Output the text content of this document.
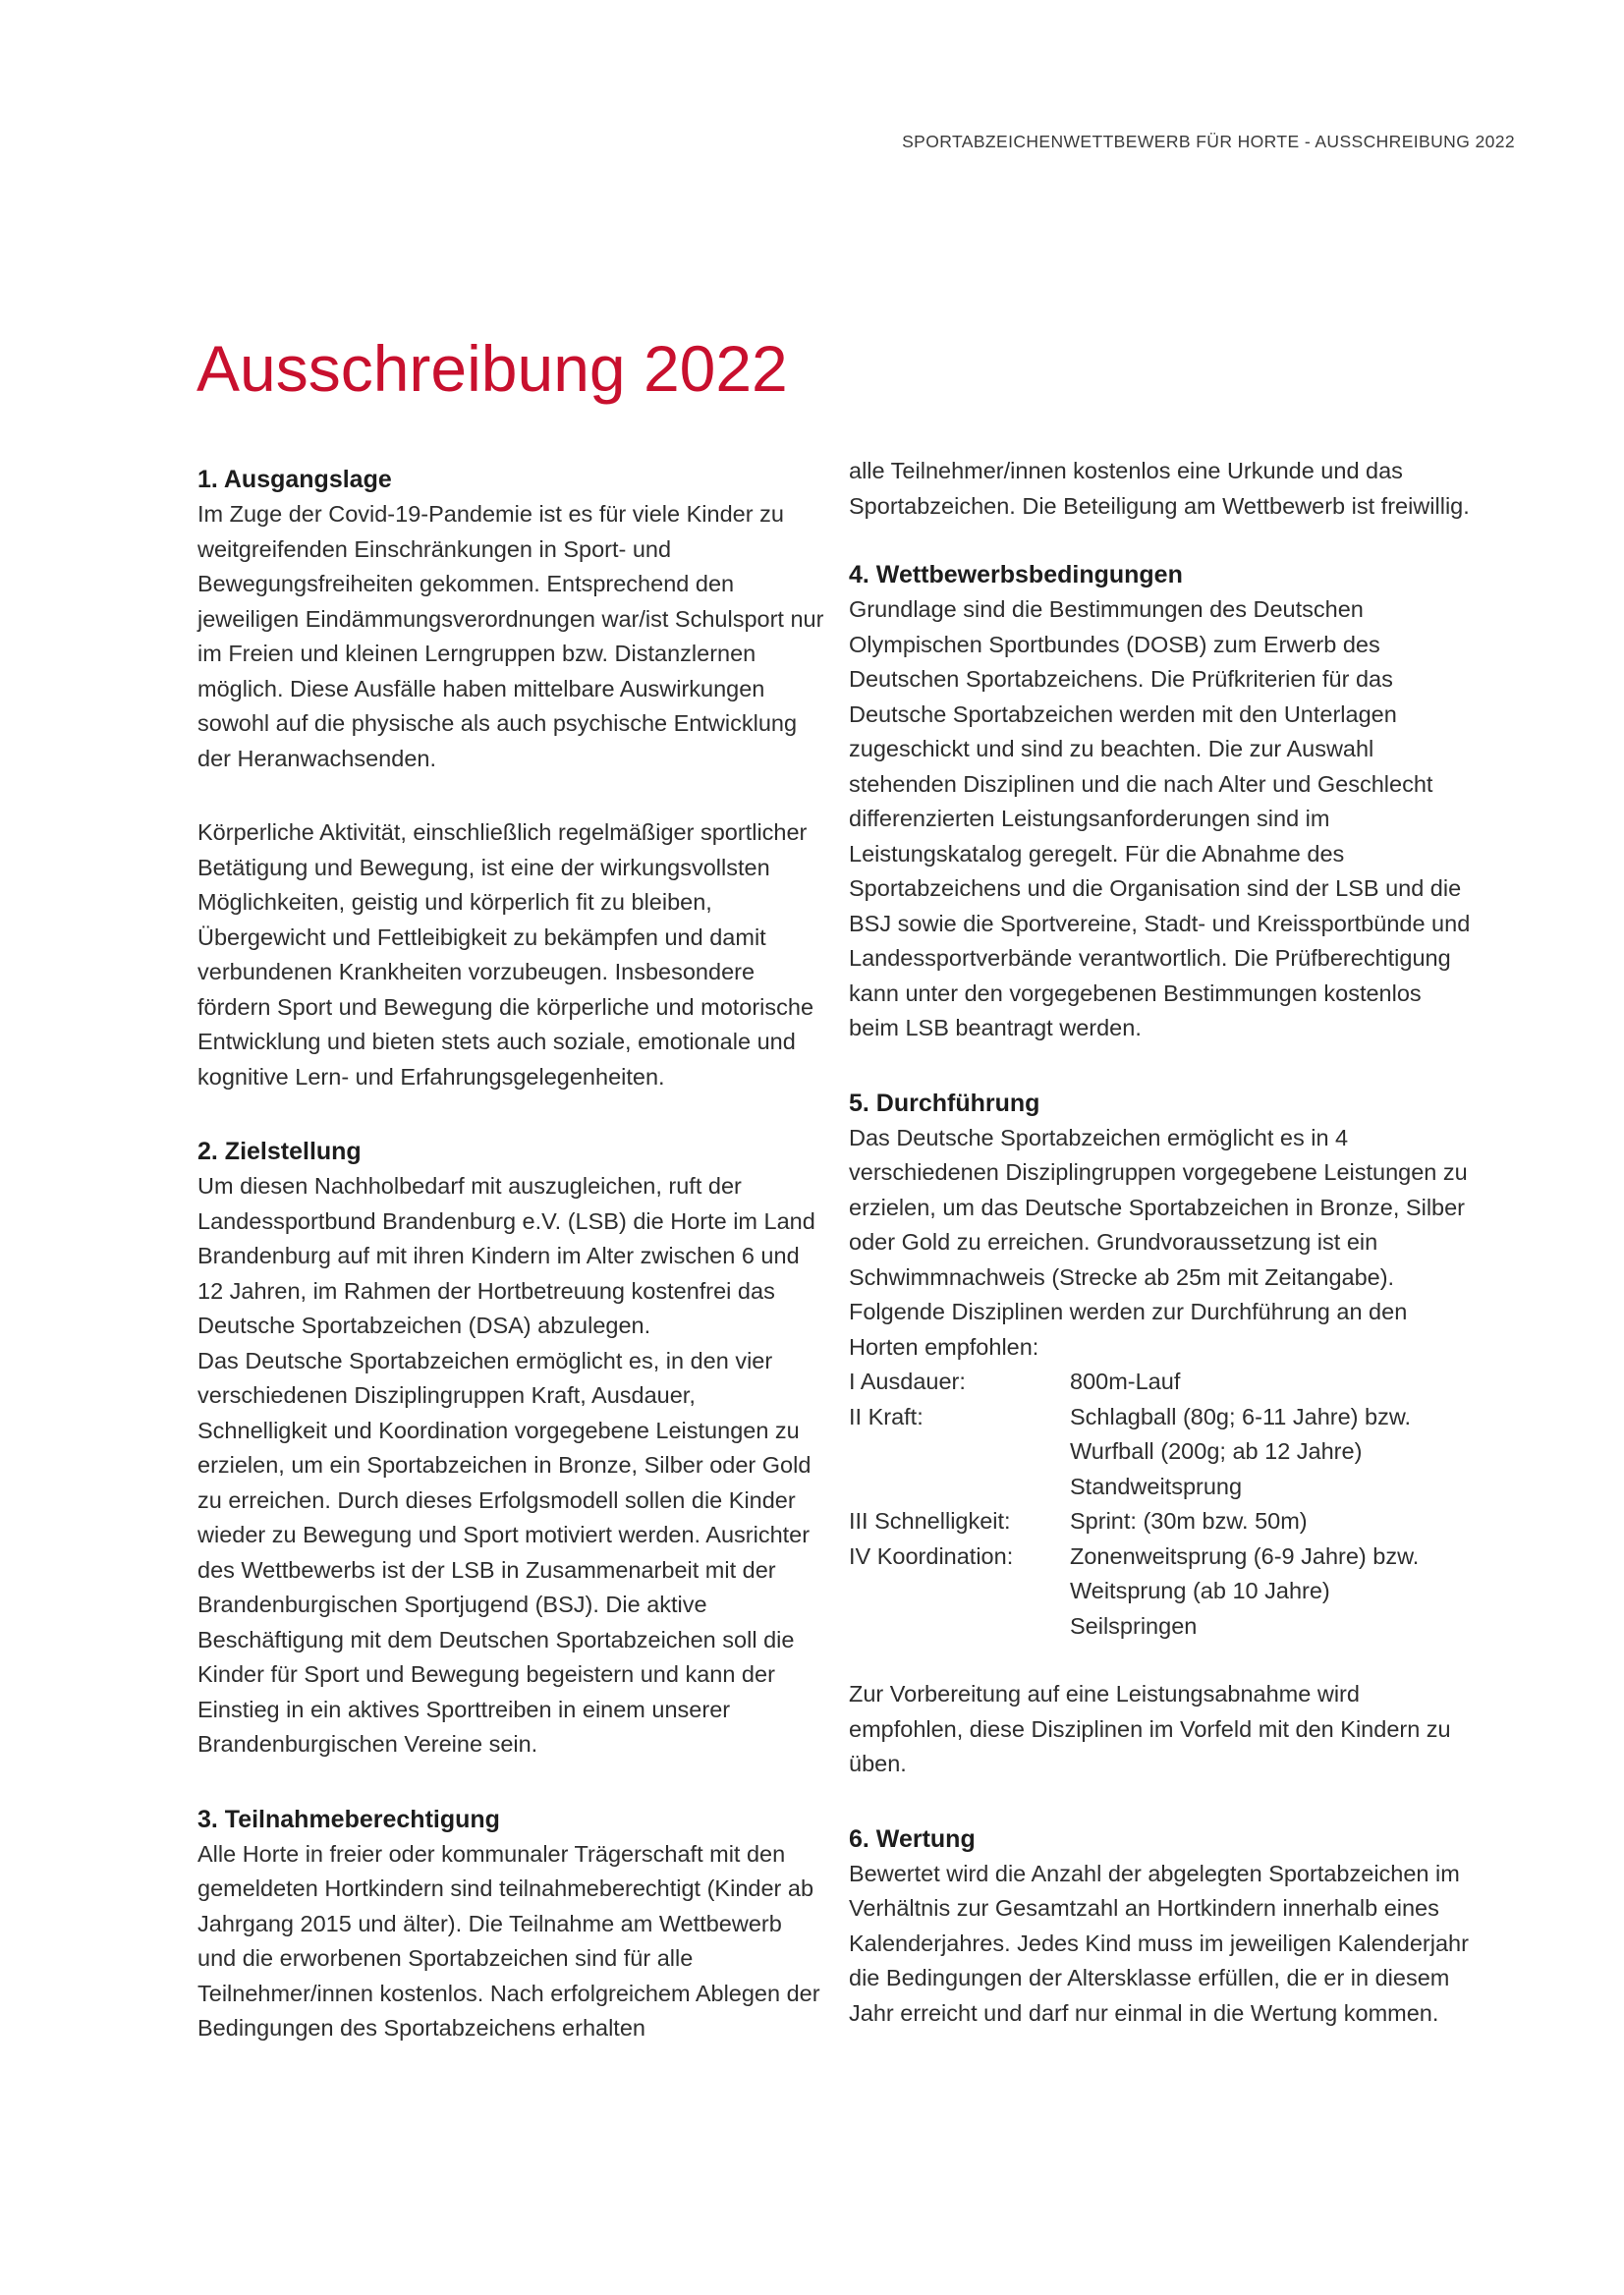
SPORTABZEICHENWETTBEWERB FÜR HORTE - AUSSCHREIBUNG 2022
Ausschreibung 2022
1. Ausgangslage

Im Zuge der Covid-19-Pandemie ist es für viele Kinder zu weitgreifenden Einschränkungen in Sport- und Bewegungsfreiheiten gekommen. Entsprechend den jeweiligen Eindämmungsverordnungen war/ist Schulsport nur im Freien und kleinen Lerngruppen bzw. Distanzlernen möglich. Diese Ausfälle haben mittelbare Auswirkungen sowohl auf die physische als auch psychische Entwicklung der Heranwachsenden.

Körperliche Aktivität, einschließlich regelmäßiger sportlicher Betätigung und Bewegung, ist eine der wirkungsvollsten Möglichkeiten, geistig und körperlich fit zu bleiben, Übergewicht und Fettleibigkeit zu bekämpfen und damit verbundenen Krankheiten vorzubeugen. Insbesondere fördern Sport und Bewegung die körperliche und motorische Entwicklung und bieten stets auch soziale, emotionale und kognitive Lern- und Erfahrungsgelegenheiten.

2. Zielstellung

Um diesen Nachholbedarf mit auszugleichen, ruft der Landessportbund Brandenburg e.V. (LSB) die Horte im Land Brandenburg auf mit ihren Kindern im Alter zwischen 6 und 12 Jahren, im Rahmen der Hortbetreuung kostenfrei das Deutsche Sportabzeichen (DSA) abzulegen.

Das Deutsche Sportabzeichen ermöglicht es, in den vier verschiedenen Disziplingruppen Kraft, Ausdauer, Schnelligkeit und Koordination vorgegebene Leistungen zu erzielen, um ein Sportabzeichen in Bronze, Silber oder Gold zu erreichen. Durch dieses Erfolgsmodell sollen die Kinder wieder zu Bewegung und Sport motiviert werden. Ausrichter des Wettbewerbs ist der LSB in Zusammenarbeit mit der Brandenburgischen Sportjugend (BSJ). Die aktive Beschäftigung mit dem Deutschen Sportabzeichen soll die Kinder für Sport und Bewegung begeistern und kann der Einstieg in ein aktives Sporttreiben in einem unserer Brandenburgischen Vereine sein.

3. Teilnahmeberechtigung

Alle Horte in freier oder kommunaler Trägerschaft mit den gemeldeten Hortkindern sind teilnahmeberechtigt (Kinder ab Jahrgang 2015 und älter). Die Teilnahme am Wettbewerb und die erworbenen Sportabzeichen sind für alle Teilnehmer/innen kostenlos. Nach erfolgreichem Ablegen der Bedingungen des Sportabzeichens erhalten

alle Teilnehmer/innen kostenlos eine Urkunde und das Sportabzeichen. Die Beteiligung am Wettbewerb ist freiwillig.

4. Wettbewerbsbedingungen

Grundlage sind die Bestimmungen des Deutschen Olympischen Sportbundes (DOSB) zum Erwerb des Deutschen Sportabzeichens. Die Prüfkriterien für das Deutsche Sportabzeichen werden mit den Unterlagen zugeschickt und sind zu beachten. Die zur Auswahl stehenden Disziplinen und die nach Alter und Geschlecht differenzierten Leistungsanforderungen sind im Leistungskatalog geregelt. Für die Abnahme des Sportabzeichens und die Organisation sind der LSB und die BSJ sowie die Sportvereine, Stadt- und Kreissportbünde und Landessportverbände verantwortlich. Die Prüfberechtigung kann unter den vorgegebenen Bestimmungen kostenlos beim LSB beantragt werden.

5. Durchführung

Das Deutsche Sportabzeichen ermöglicht es in 4 verschiedenen Disziplingruppen vorgegebene Leistungen zu erzielen, um das Deutsche Sportabzeichen in Bronze, Silber oder Gold zu erreichen. Grundvoraussetzung ist ein Schwimmnachweis (Strecke ab 25m mit Zeitangabe). Folgende Disziplinen werden zur Durchführung an den Horten empfohlen:

I Ausdauer:	800m-Lauf
II Kraft:	Schlagball (80g; 6-11 Jahre) bzw.
Wurfball (200g; ab 12 Jahre)
Standweitsprung
III Schnelligkeit:	Sprint: (30m bzw. 50m)
IV Koordination:	Zonenweitsprung (6-9 Jahre) bzw.
Weitsprung (ab 10 Jahre)
Seilspringen

Zur Vorbereitung auf eine Leistungsabnahme wird empfohlen, diese Disziplinen im Vorfeld mit den Kindern zu üben.

6. Wertung

Bewertet wird die Anzahl der abgelegten Sportabzeichen im Verhältnis zur Gesamtzahl an Hortkindern innerhalb eines Kalenderjahres. Jedes Kind muss im jeweiligen Kalenderjahr die Bedingungen der Altersklasse erfüllen, die er in diesem Jahr erreicht und darf nur einmal in die Wertung kommen.
